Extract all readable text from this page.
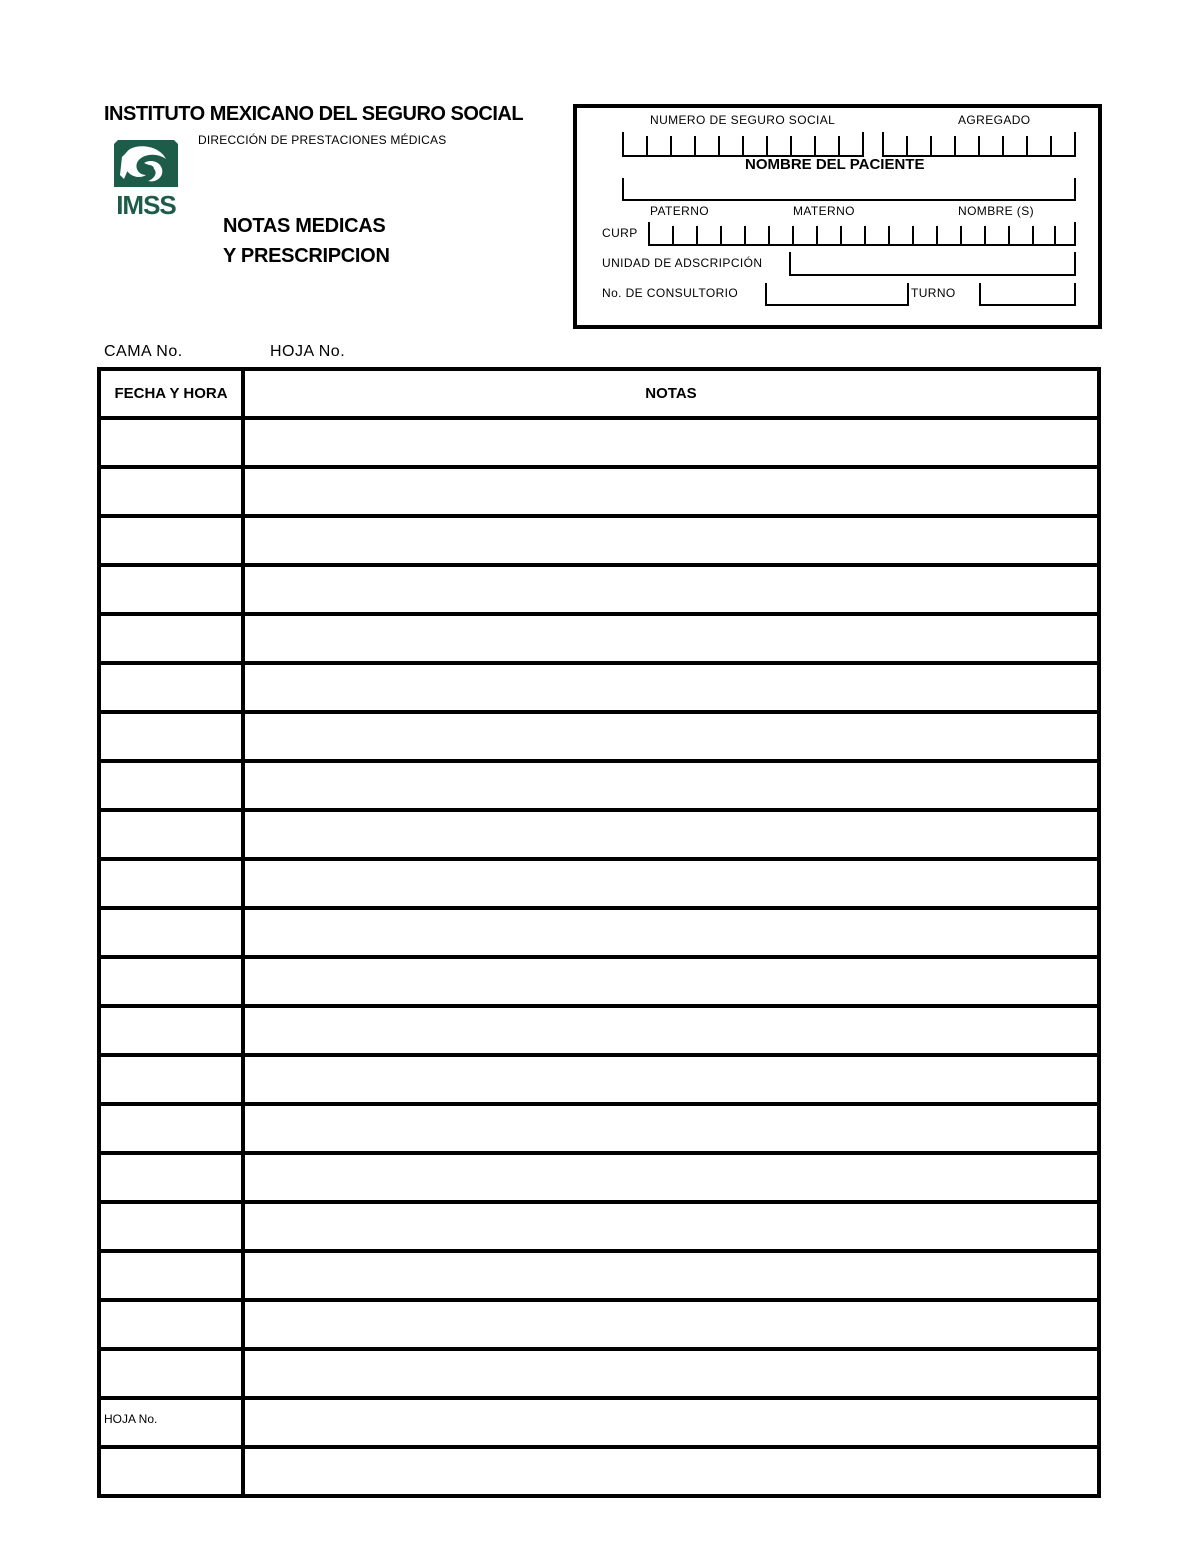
INSTITUTO MEXICANO DEL SEGURO SOCIAL
DIRECCIÓN DE PRESTACIONES MÉDICAS
IMSS
NOTAS MEDICAS
Y PRESCRIPCION
NUMERO DE SEGURO SOCIAL	AGREGADO
NOMBRE DEL PACIENTE
PATERNO	MATERNO	NOMBRE (S)
CURP
UNIDAD DE ADSCRIPCIÓN
No. DE CONSULTORIO	TURNO
CAMA No.	HOJA No.
FECHA Y HORA	NOTAS

HOJA No.
